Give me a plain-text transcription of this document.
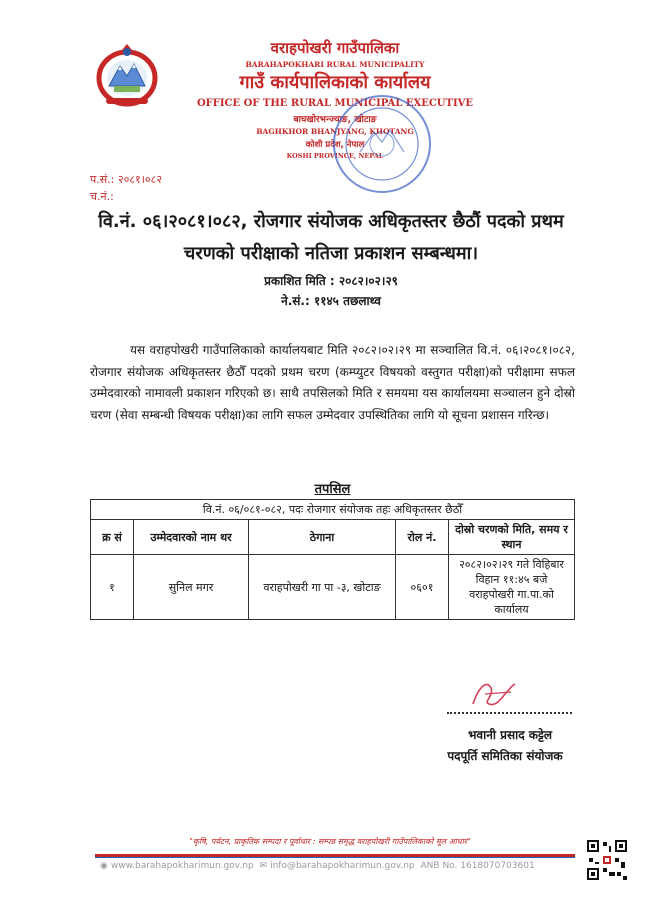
वराहपोखरी गाउँपालिका
BARAHAPOKHARI RURAL MUNICIPALITY
गाउँ कार्यपालिकाको कार्यालय
OFFICE OF THE RURAL MUNICIPAL EXECUTIVE
बाघखोरभन्ज्याङ, खोटाङ
BAGHKHOR BHANJYANG, KHOTANG
कोशी प्रदेश, नेपाल
KOSHI PROVINCE, NEPAL
प.सं.: २०८१।०८२
च.नं.:
वि.नं. ०६।२०८१।०८२, रोजगार संयोजक अधिकृतस्तर छैठौं पदको प्रथम चरणको परीक्षाको नतिजा प्रकाशन सम्बन्धमा।
प्रकाशित मिति : २०८२।०२।२९
ने.सं.: ११४५ तछलाथ्व
यस वराहपोखरी गाउँपालिकाको कार्यालयबाट मिति २०८२।०२।२९ मा सञ्चालित वि.नं. ०६।२०८१।०८२, रोजगार संयोजक अधिकृतस्तर छैठौँ पदको प्रथम चरण (कम्प्युटर विषयको वस्तुगत परीक्षा)को परीक्षामा सफल उम्मेदवारको नामावली प्रकाशन गरिएको छ। साथै तपसिलको मिति र समयमा यस कार्यालयमा सञ्चालन हुने दोस्रो चरण (सेवा सम्बन्धी विषयक परीक्षा)का लागि सफल उम्मेदवार उपस्थितिका लागि यो सूचना प्रशासन गरिन्छ।
तपसिल
वि.नं. ०६/०८१-०८२, पदः रोजगार संयोजक तहः अधिकृतस्तर छैठौँ				
क्र सं	उम्मेदवारको नाम थर	ठेगाना	रोल नं.	दोस्रो चरणको मिति, समय र स्थान
१	सुनिल मगर	वराहपोखरी गा पा -३, खोटाङ	०६०१	२०८२।०२।२९ गते विहिबार
विहान ११:४५ बजे
वराहपोखरी गा.पा.को कार्यालय
भवानी प्रसाद कट्टेल
पदपूर्ति समितिका संयोजक
"कृषि, पर्यटन, प्राकृतिक सम्पदा र पूर्वाधार : सम्पन्न समृद्ध वराहपोखरी गाउँपालिकाको मूल आधार"
◉ www.barahapokharimun.gov.np ✉ info@barahapokharimun.gov.np ANB No. 1618070703601
